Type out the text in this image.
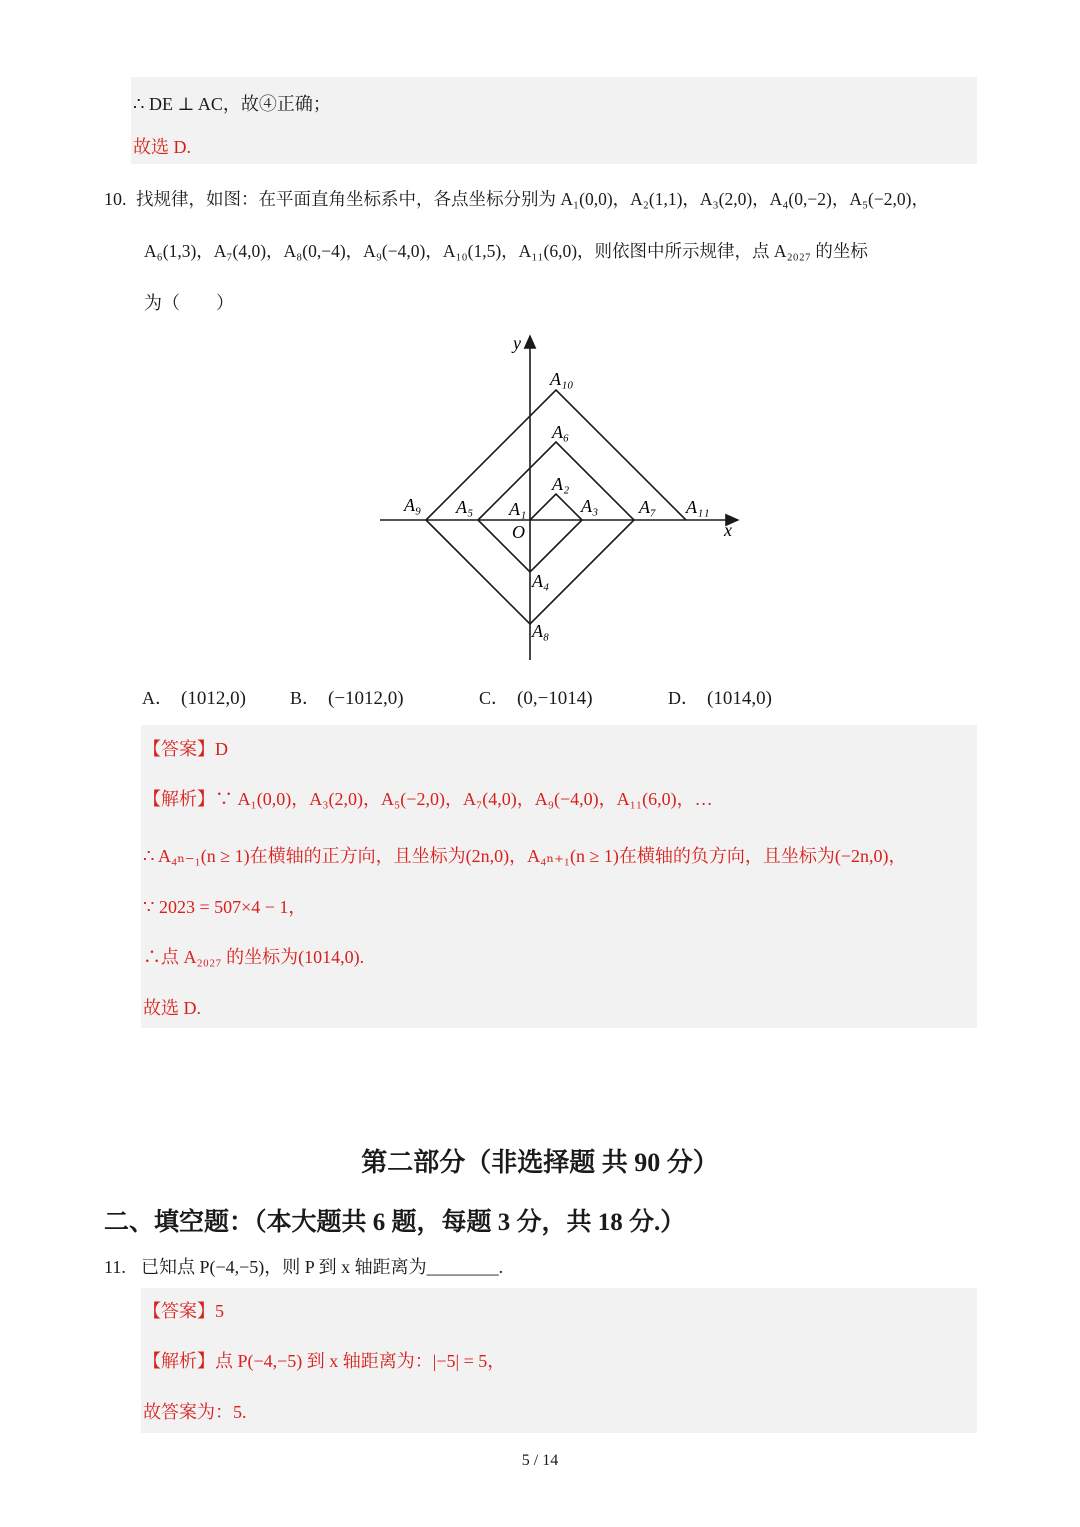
∴ DE ⊥ AC，故④正确；
故选 D.
10. 找规律，如图：在平面直角坐标系中，各点坐标分别为 A₁(0,0)，A₂(1,1)，A₃(2,0)，A₄(0,−2)，A₅(−2,0)，
A₆(1,3)，A₇(4,0)，A₈(0,−4)，A₉(−4,0)，A₁₀(1,5)，A₁₁(6,0)，则依图中所示规律，点 A₂₀₂₇ 的坐标
为（　　）
y
x
O
A₁₀
A₆
A₂
A₁	A₃
A₅	A₇
A₉	A₁₁
A₄
A₈
A． (1012,0) B． (−1012,0)	C． (0,−1014)	D． (1014,0)
【答案】D
【解析】∵ A₁(0,0)，A₃(2,0)，A₅(−2,0)，A₇(4,0)，A₉(−4,0)，A₁₁(6,0)，…
∴ A₄ₙ₋₁(n ≥ 1)在横轴的正方向，且坐标为(2n,0)，A₄ₙ₊₁(n ≥ 1)在横轴的负方向，且坐标为(−2n,0)，
∵ 2023 = 507×4 − 1，
∴点 A₂₀₂₇ 的坐标为(1014,0).
故选 D.
第二部分（非选择题 共 90 分）
二、填空题：（本大题共 6 题，每题 3 分，共 18 分.）
11. 已知点 P(−4,−5)，则 P 到 x 轴距离为________.
【答案】5
【解析】点 P(−4,−5) 到 x 轴距离为：|−5| = 5，
故答案为：5.
5 / 14
